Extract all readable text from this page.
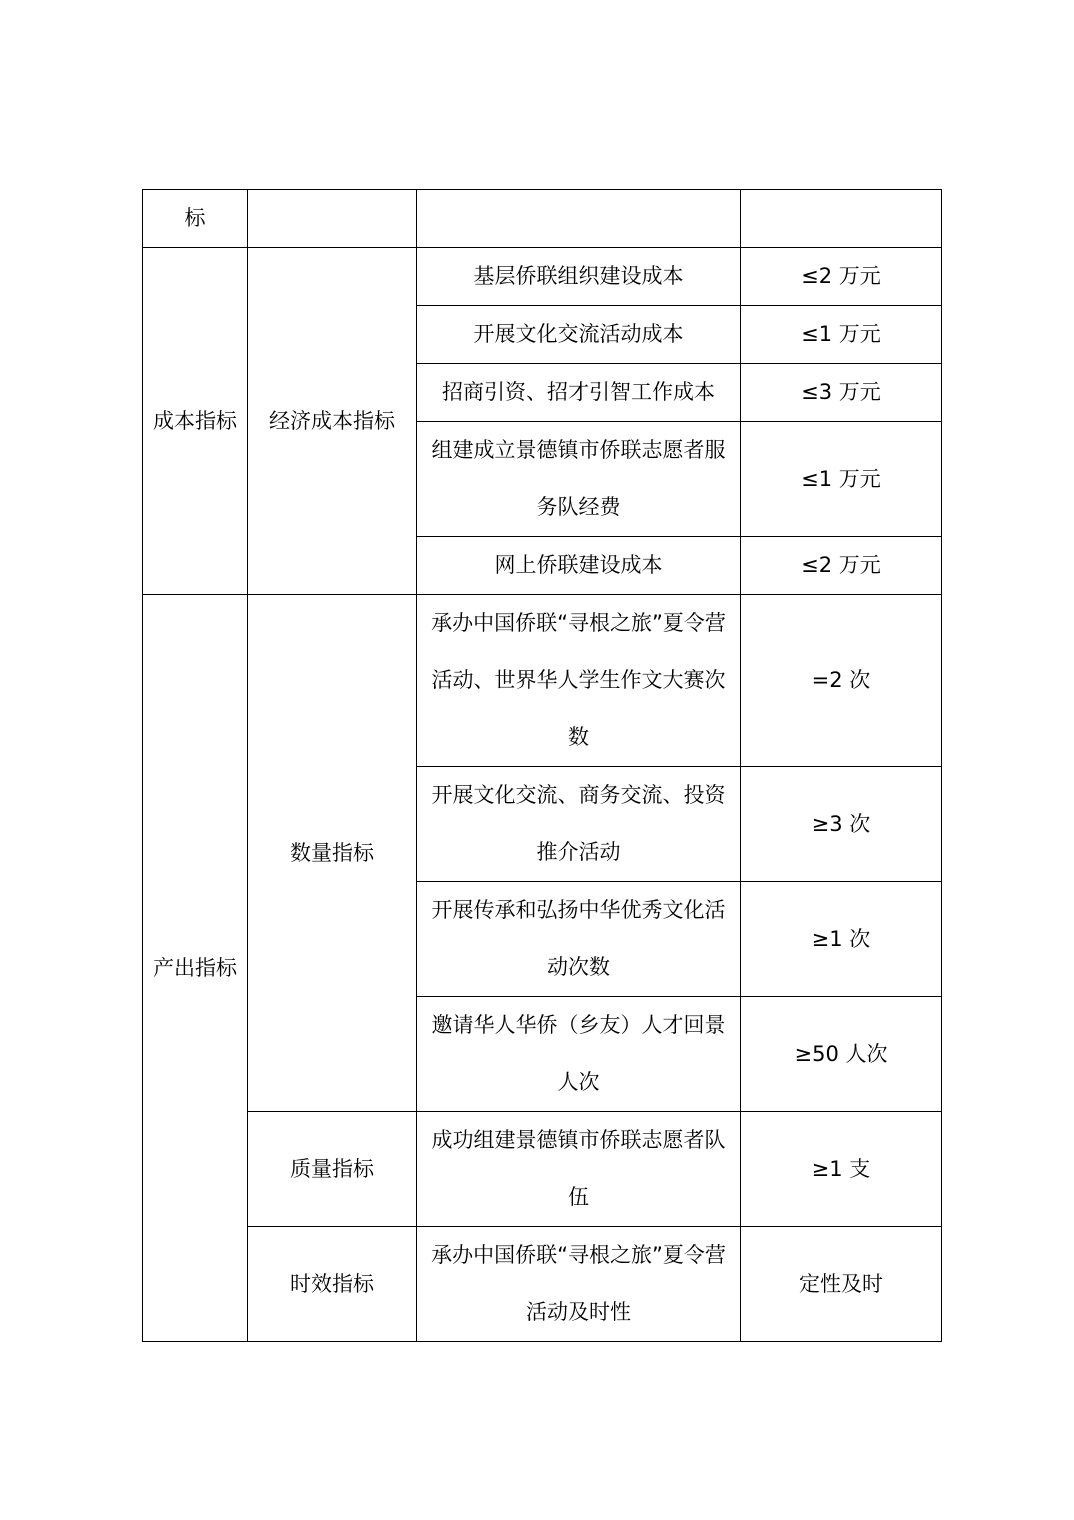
标			
成本指标	经济成本指标	基层侨联组织建设成本	≤2 万元
		开展文化交流活动成本	≤1 万元
		招商引资、招才引智工作成本	≤3 万元
		组建成立景德镇市侨联志愿者服务队经费	≤1 万元
		网上侨联建设成本	≤2 万元
产出指标	数量指标	承办中国侨联“寻根之旅”夏令营活动、世界华人学生作文大赛次数	=2 次
		开展文化交流、商务交流、投资推介活动	≥3 次
		开展传承和弘扬中华优秀文化活动次数	≥1 次
		邀请华人华侨（乡友）人才回景人次	≥50 人次
	质量指标	成功组建景德镇市侨联志愿者队伍	≥1 支
	时效指标	承办中国侨联“寻根之旅”夏令营活动及时性	定性及时
